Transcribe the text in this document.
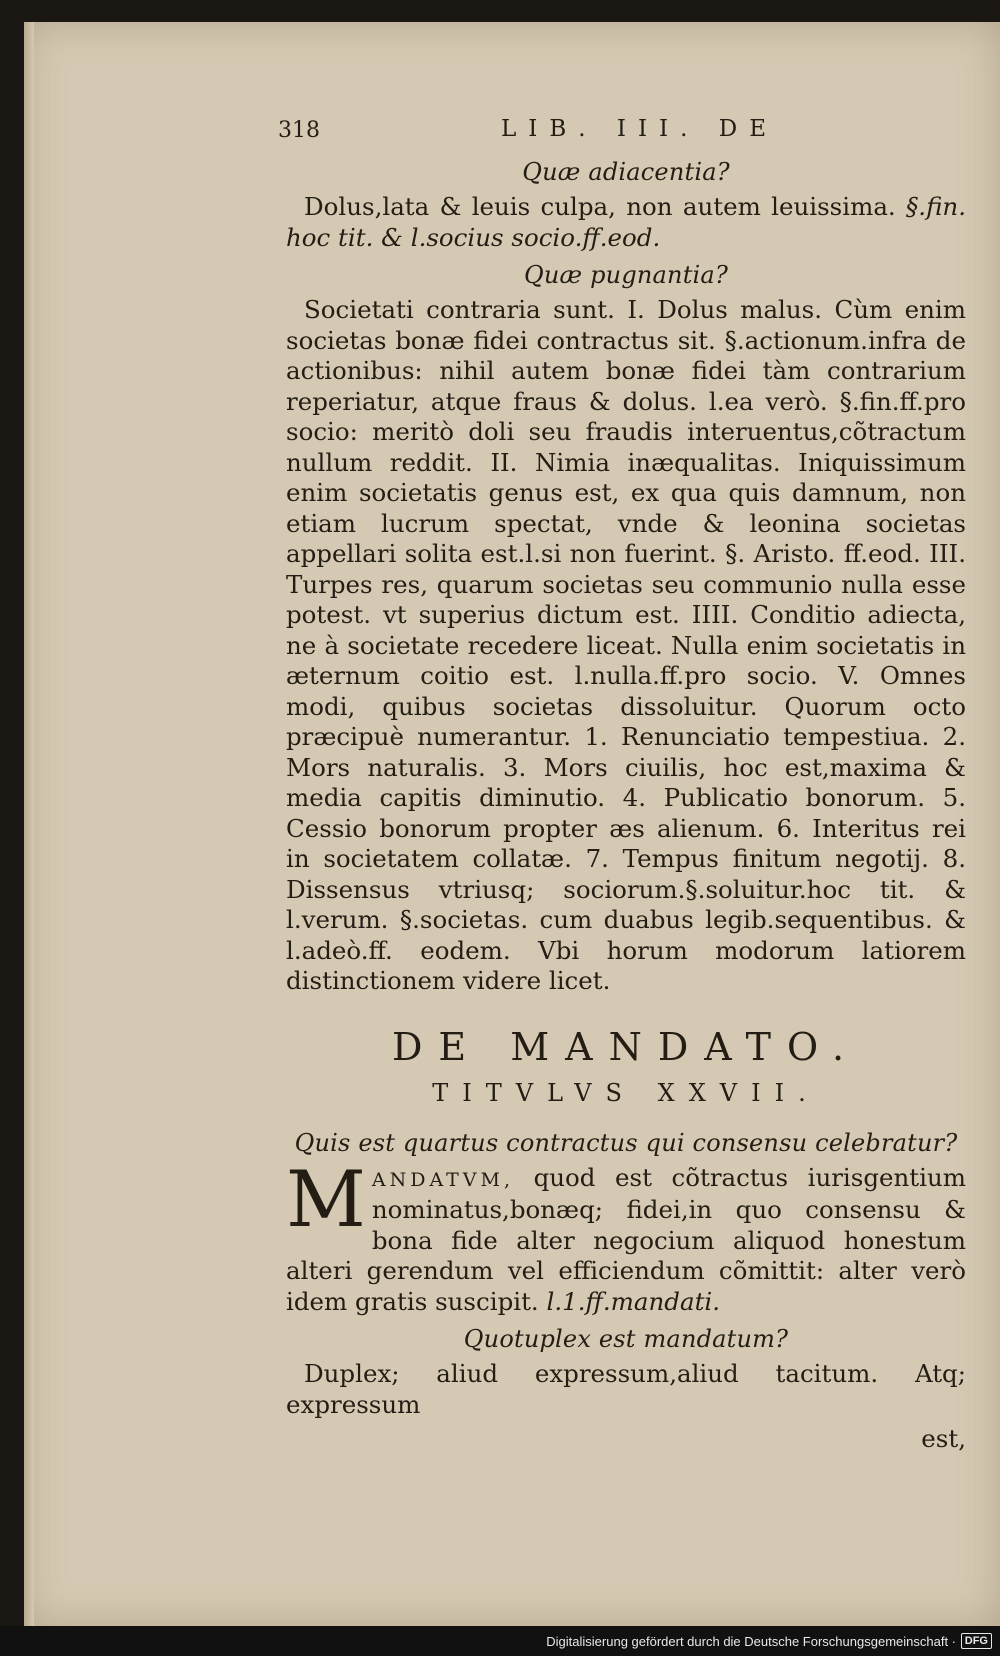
318	LIB. III. DE
Quæ adiacentia?

Dolus,lata & leuis culpa, non autem leuissima. §.fin. hoc tit. & l.socius socio.ff.eod.

Quæ pugnantia?

Societati contraria sunt. I. Dolus malus. Cùm enim societas bonæ fidei contractus sit. §.actionum.infra de actionibus: nihil autem bonæ fidei tàm contrarium reperiatur, atque fraus & dolus. l.ea verò. §.fin.ff.pro socio: meritò doli seu fraudis interuentus,cõtractum nullum reddit. II. Nimia inæqualitas. Iniquissimum enim societatis genus est, ex qua quis damnum, non etiam lucrum spectat, vnde & leonina societas appellari solita est.l.si non fuerint. §. Aristo. ff.eod. III. Turpes res, quarum societas seu communio nulla esse potest. vt superius dictum est. IIII. Conditio adiecta, ne à societate recedere liceat. Nulla enim societatis in æternum coitio est. l.nulla.ff.pro socio. V. Omnes modi, quibus societas dissoluitur. Quorum octo præcipuè numerantur. 1. Renunciatio tempestiua. 2. Mors naturalis. 3. Mors ciuilis, hoc est,maxima & media capitis diminutio. 4. Publicatio bonorum. 5. Cessio bonorum propter æs alienum. 6. Interitus rei in societatem collatæ. 7. Tempus finitum negotij. 8. Dissensus vtriusq; sociorum.§.soluitur.hoc tit. & l.verum. §.societas. cum duabus legib.sequentibus. & l.adeò.ff. eodem. Vbi horum modorum latiorem distinctionem videre licet.

DE MANDATO.
TITVLVS XXVII.
Quis est quartus contractus qui consensu celebratur?

MANDATVM, quod est cõtractus iurisgentium nominatus,bonæq; fidei,in quo consensu & bona fide alter negocium aliquod honestum alteri gerendum vel efficiendum cõmittit: alter verò idem gratis suscipit. l.1.ff.mandati.

Quotuplex est mandatum?

Duplex; aliud expressum,aliud tacitum. Atq; expressum

est,
Digitalisierung gefördert durch die Deutsche Forschungsgemeinschaft · DFG
